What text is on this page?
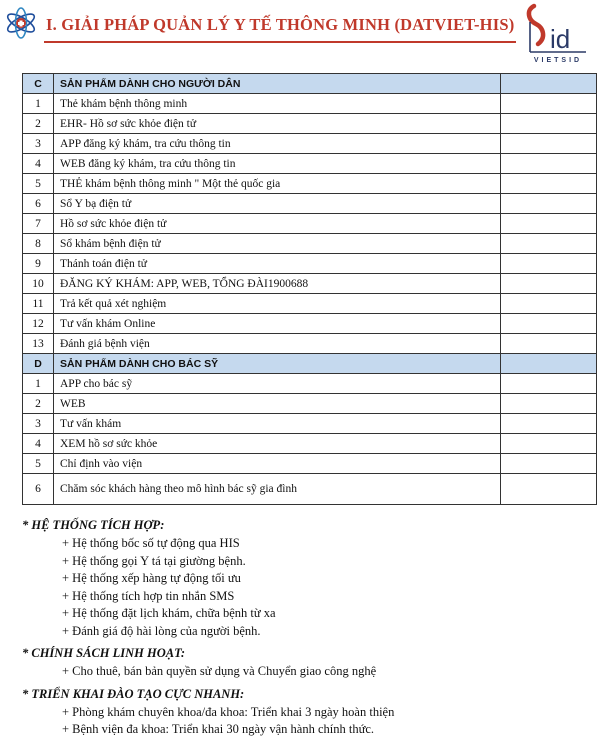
I. GIẢI PHÁP QUẢN LÝ Y TẾ THÔNG MINH (DATVIET-HIS) id
VIETSID
C	SẢN PHẨM DÀNH CHO NGƯỜI DÂN	
1	Thẻ khám bệnh thông minh	
2	EHR- Hồ sơ sức khỏe điện tử	
3	APP đăng ký khám, tra cứu thông tin	
4	WEB đăng ký khám, tra cứu thông tin	
5	THẺ khám bệnh thông minh " Một thẻ quốc gia	
6	Sổ Y bạ điện tử	
7	Hồ sơ sức khỏe điện tử	
8	Sổ khám bệnh điện tử	
9	Thánh toán điện tử	
10	ĐĂNG KÝ KHÁM: APP, WEB, TỔNG ĐÀI1900688	
11	Trả kết quả xét nghiệm	
12	Tư vấn khám Online	
13	Đánh giá bệnh viện	
D	SẢN PHẨM DÀNH CHO BÁC SỸ	
1	APP cho bác sỹ	
2	WEB	
3	Tư vấn khám	
4	XEM hồ sơ sức khỏe	
5	Chỉ định vào viện	
6	Chăm sóc khách hàng theo mô hình bác sỹ gia đình	
* HỆ THỐNG TÍCH HỢP:
+ Hệ thống bốc số tự động qua HIS
+ Hệ thống gọi Y tá tại giường bệnh.
+ Hệ thống xếp hàng tự động tối ưu
+ Hệ thống tích hợp tin nhắn SMS
+ Hệ thống đặt lịch khám, chữa bệnh từ xa
+ Đánh giá độ hài lòng của người bệnh.
* CHÍNH SÁCH LINH HOẠT:
+ Cho thuê, bán bản quyền sử dụng và Chuyển giao công nghệ
* TRIỂN KHAI ĐÀO TẠO CỰC NHANH:
+ Phòng khám chuyên khoa/đa khoa: Triển khai 3 ngày hoàn thiện
+ Bệnh viện đa khoa: Triển khai 30 ngày vận hành chính thức.
